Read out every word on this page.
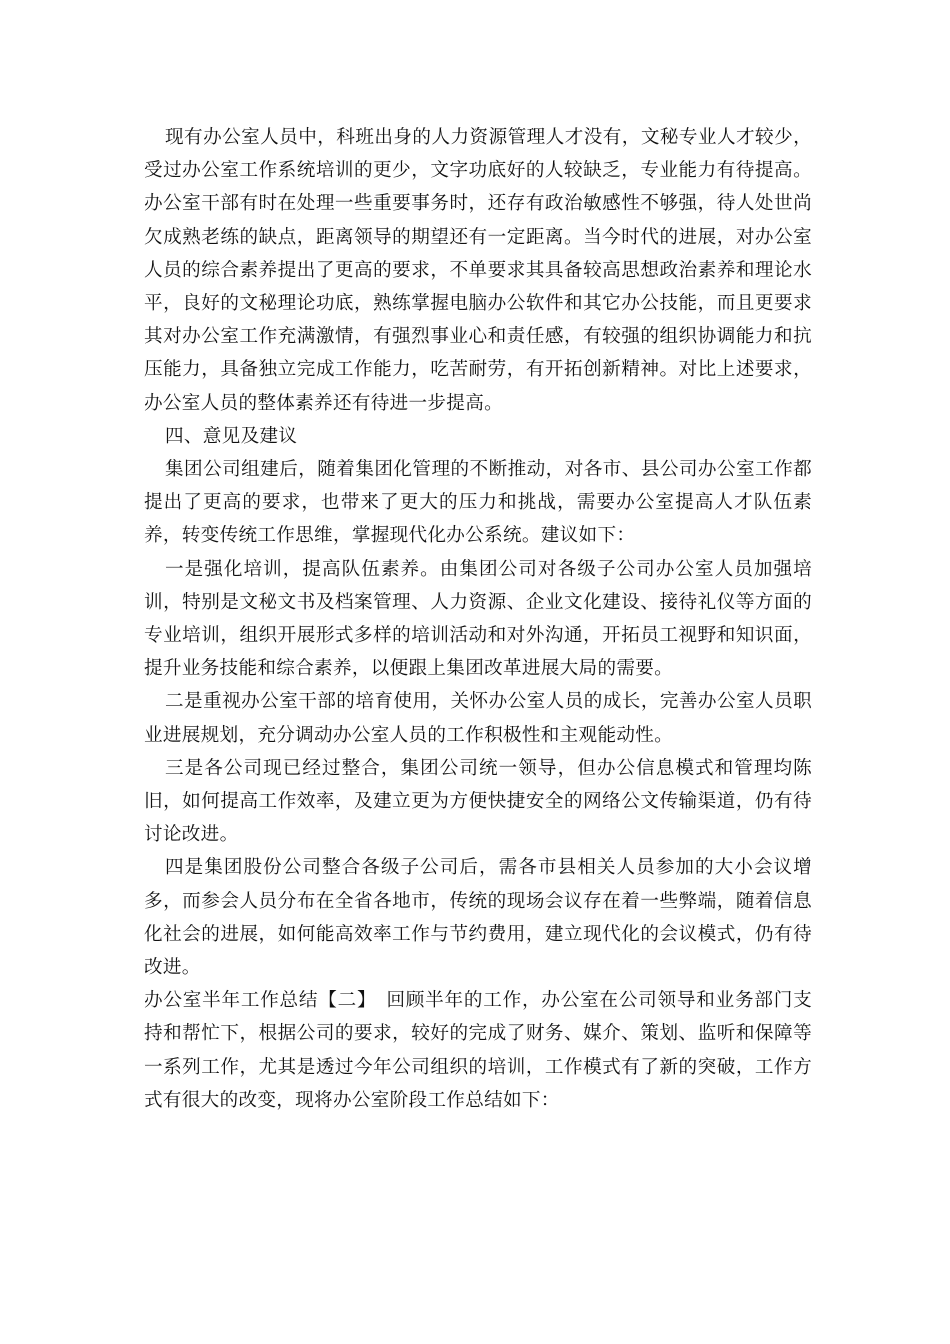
现有办公室人员中，科班出身的人力资源管理人才没有，文秘专业人才较少，受过办公室工作系统培训的更少，文字功底好的人较缺乏，专业能力有待提高。办公室干部有时在处理一些重要事务时，还存有政治敏感性不够强，待人处世尚欠成熟老练的缺点，距离领导的期望还有一定距离。当今时代的进展，对办公室人员的综合素养提出了更高的要求，不单要求其具备较高思想政治素养和理论水平，良好的文秘理论功底，熟练掌握电脑办公软件和其它办公技能，而且更要求其对办公室工作充满激情，有强烈事业心和责任感，有较强的组织协调能力和抗压能力，具备独立完成工作能力，吃苦耐劳，有开拓创新精神。对比上述要求，办公室人员的整体素养还有待进一步提高。

四、意见及建议

集团公司组建后，随着集团化管理的不断推动，对各市、县公司办公室工作都提出了更高的要求，也带来了更大的压力和挑战，需要办公室提高人才队伍素养，转变传统工作思维，掌握现代化办公系统。建议如下：

一是强化培训，提高队伍素养。由集团公司对各级子公司办公室人员加强培训，特别是文秘文书及档案管理、人力资源、企业文化建设、接待礼仪等方面的专业培训，组织开展形式多样的培训活动和对外沟通，开拓员工视野和知识面，提升业务技能和综合素养，以便跟上集团改革进展大局的需要。

二是重视办公室干部的培育使用，关怀办公室人员的成长，完善办公室人员职业进展规划，充分调动办公室人员的工作积极性和主观能动性。

三是各公司现已经过整合，集团公司统一领导，但办公信息模式和管理均陈旧，如何提高工作效率，及建立更为方便快捷安全的网络公文传输渠道，仍有待讨论改进。

四是集团股份公司整合各级子公司后，需各市县相关人员参加的大小会议增多，而参会人员分布在全省各地市，传统的现场会议存在着一些弊端，随着信息化社会的进展，如何能高效率工作与节约费用，建立现代化的会议模式，仍有待改进。

办公室半年工作总结【二】　回顾半年的工作，办公室在公司领导和业务部门支持和帮忙下，根据公司的要求，较好的完成了财务、媒介、策划、监听和保障等一系列工作，尤其是透过今年公司组织的培训，工作模式有了新的突破，工作方式有很大的改变，现将办公室阶段工作总结如下：
